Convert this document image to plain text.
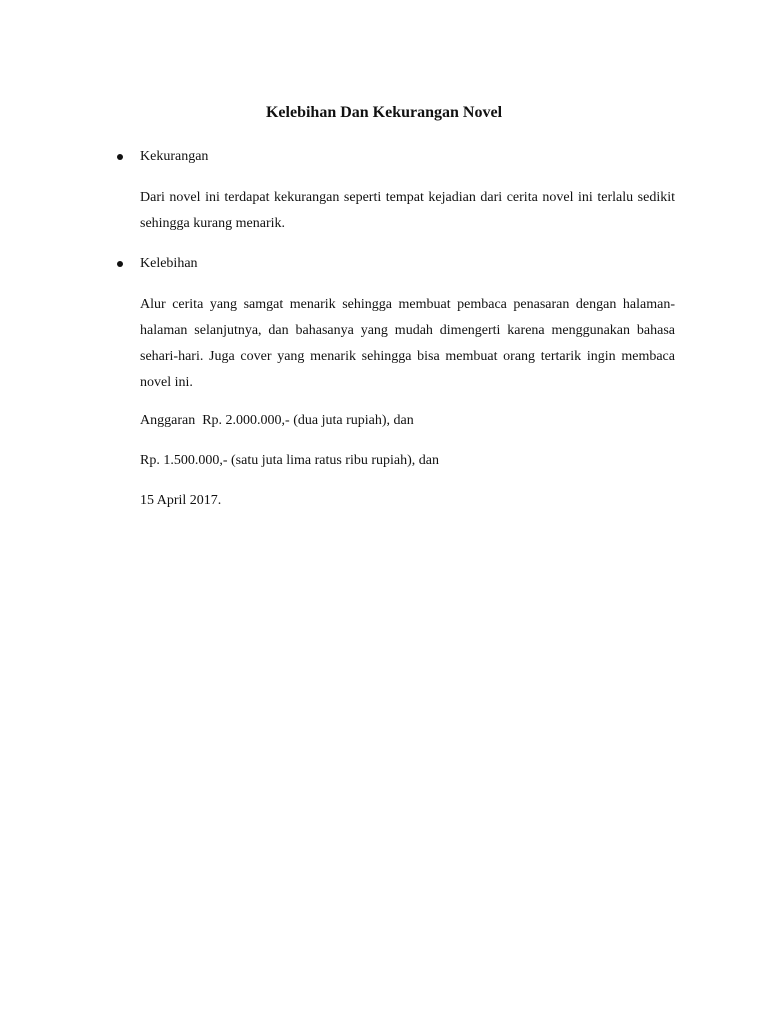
Kelebihan Dan Kekurangan Novel
Kekurangan
Dari novel ini terdapat kekurangan seperti tempat kejadian dari cerita novel ini terlalu sedikit sehingga kurang menarik.
Kelebihan
Alur cerita yang samgat menarik sehingga membuat pembaca penasaran dengan halaman-halaman selanjutnya, dan bahasanya yang mudah dimengerti karena menggunakan bahasa sehari-hari. Juga cover yang menarik sehingga bisa membuat orang tertarik ingin membaca novel ini.
Anggaran  Rp. 2.000.000,- (dua juta rupiah), dan
Rp. 1.500.000,- (satu juta lima ratus ribu rupiah), dan
15 April 2017.
